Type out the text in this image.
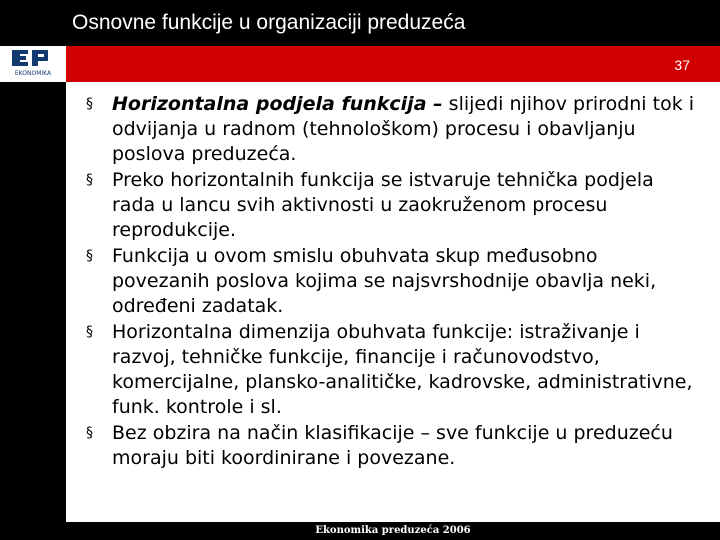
Osnovne funkcije u organizaciji preduzeća
EKONOMIKA
37
§ Horizontalna podjela funkcija – slijedi njihov prirodni tok i odvijanja u radnom (tehnološkom) procesu i obavljanju poslova preduzeća.
§ Preko horizontalnih funkcija se istvaruje tehnička podjela rada u lancu svih aktivnosti u zaokruženom procesu reprodukcije.
§ Funkcija u ovom smislu obuhvata skup međusobno povezanih poslova kojima se najsvrshodnije obavlja neki, određeni zadatak.
§ Horizontalna dimenzija obuhvata funkcije: istraživanje i razvoj, tehničke funkcije, financije i računovodstvo, komercijalne, plansko-analitičke, kadrovske, administrativne, funk. kontrole i sl.
§ Bez obzira na način klasifikacije – sve funkcije u preduzeću moraju biti koordinirane i povezane.
Ekonomika preduzeća 2006
